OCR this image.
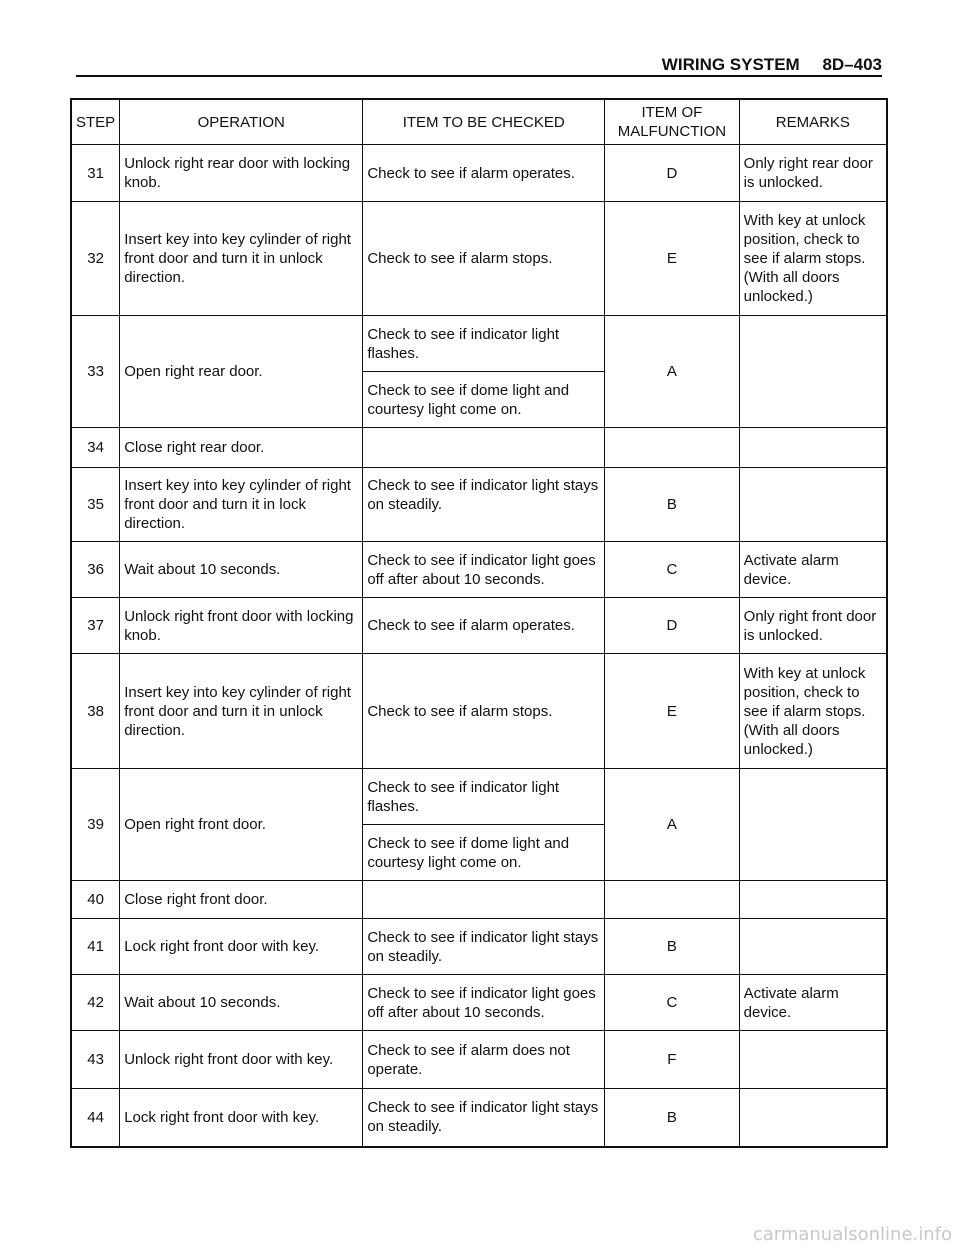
WIRING SYSTEM 8D–403
STEP	OPERATION	ITEM TO BE CHECKED	ITEM OF MALFUNCTION	REMARKS
31	Unlock right rear door with locking knob.	Check to see if alarm operates.	D	Only right rear door is unlocked.
32	Insert key into key cylinder of right front door and turn it in unlock direction.	Check to see if alarm stops.	E	With key at unlock position, check to see if alarm stops. (With all doors unlocked.)
33	Open right rear door.	Check to see if indicator light flashes.	A	
		Check to see if dome light and courtesy light come on.		
34	Close right rear door.			
35	Insert key into key cylinder of right front door and turn it in lock direction.	Check to see if indicator light stays on steadily.	B	
36	Wait about 10 seconds.	Check to see if indicator light goes off after about 10 seconds.	C	Activate alarm device.
37	Unlock right front door with locking knob.	Check to see if alarm operates.	D	Only right front door is unlocked.
38	Insert key into key cylinder of right front door and turn it in unlock direction.	Check to see if alarm stops.	E	With key at unlock position, check to see if alarm stops. (With all doors unlocked.)
39	Open right front door.	Check to see if indicator light flashes.	A	
		Check to see if dome light and courtesy light come on.		
40	Close right front door.			
41	Lock right front door with key.	Check to see if indicator light stays on steadily.	B	
42	Wait about 10 seconds.	Check to see if indicator light goes off after about 10 seconds.	C	Activate alarm device.
43	Unlock right front door with key.	Check to see if alarm does not operate.	F	
44	Lock right front door with key.	Check to see if indicator light stays on steadily.	B	
carmanualsonline.info
